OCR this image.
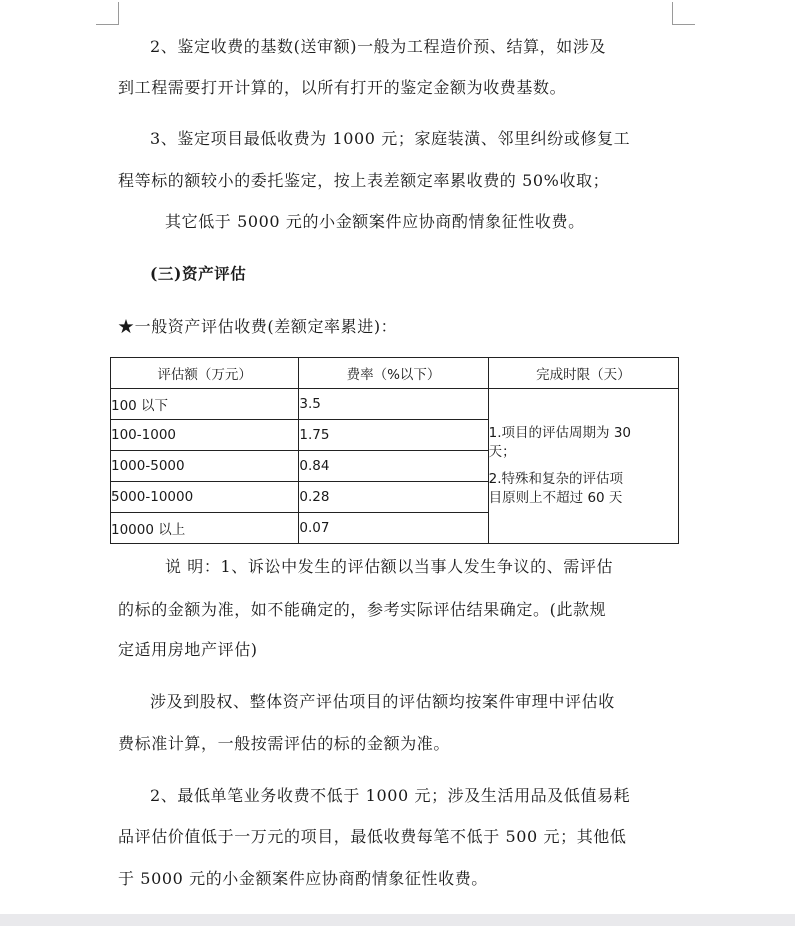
2、鉴定收费的基数(送审额)一般为工程造价预、结算，如涉及
到工程需要打开计算的，以所有打开的鉴定金额为收费基数。
3、鉴定项目最低收费为 1000 元；家庭装潢、邻里纠纷或修复工
程等标的额较小的委托鉴定，按上表差额定率累收费的 50%收取；
其它低于 5000 元的小金额案件应协商酌情象征性收费。
(三)资产评估
★一般资产评估收费(差额定率累进)：
评估额（万元）	费率（%以下）	完成时限（天）
100 以下	3.5	1.项目的评估周期为 30
天；
2.特殊和复杂的评估项
目原则上不超过 60 天

100-1000	1.75	
1000-5000	0.84	
5000-10000	0.28	
10000 以上	0.07	
说 明：1、诉讼中发生的评估额以当事人发生争议的、需评估
的标的金额为准，如不能确定的，参考实际评估结果确定。(此款规
定适用房地产评估)
涉及到股权、整体资产评估项目的评估额均按案件审理中评估收
费标准计算，一般按需评估的标的金额为准。
2、最低单笔业务收费不低于 1000 元；涉及生活用品及低值易耗
品评估价值低于一万元的项目，最低收费每笔不低于 500 元；其他低
于 5000 元的小金额案件应协商酌情象征性收费。
